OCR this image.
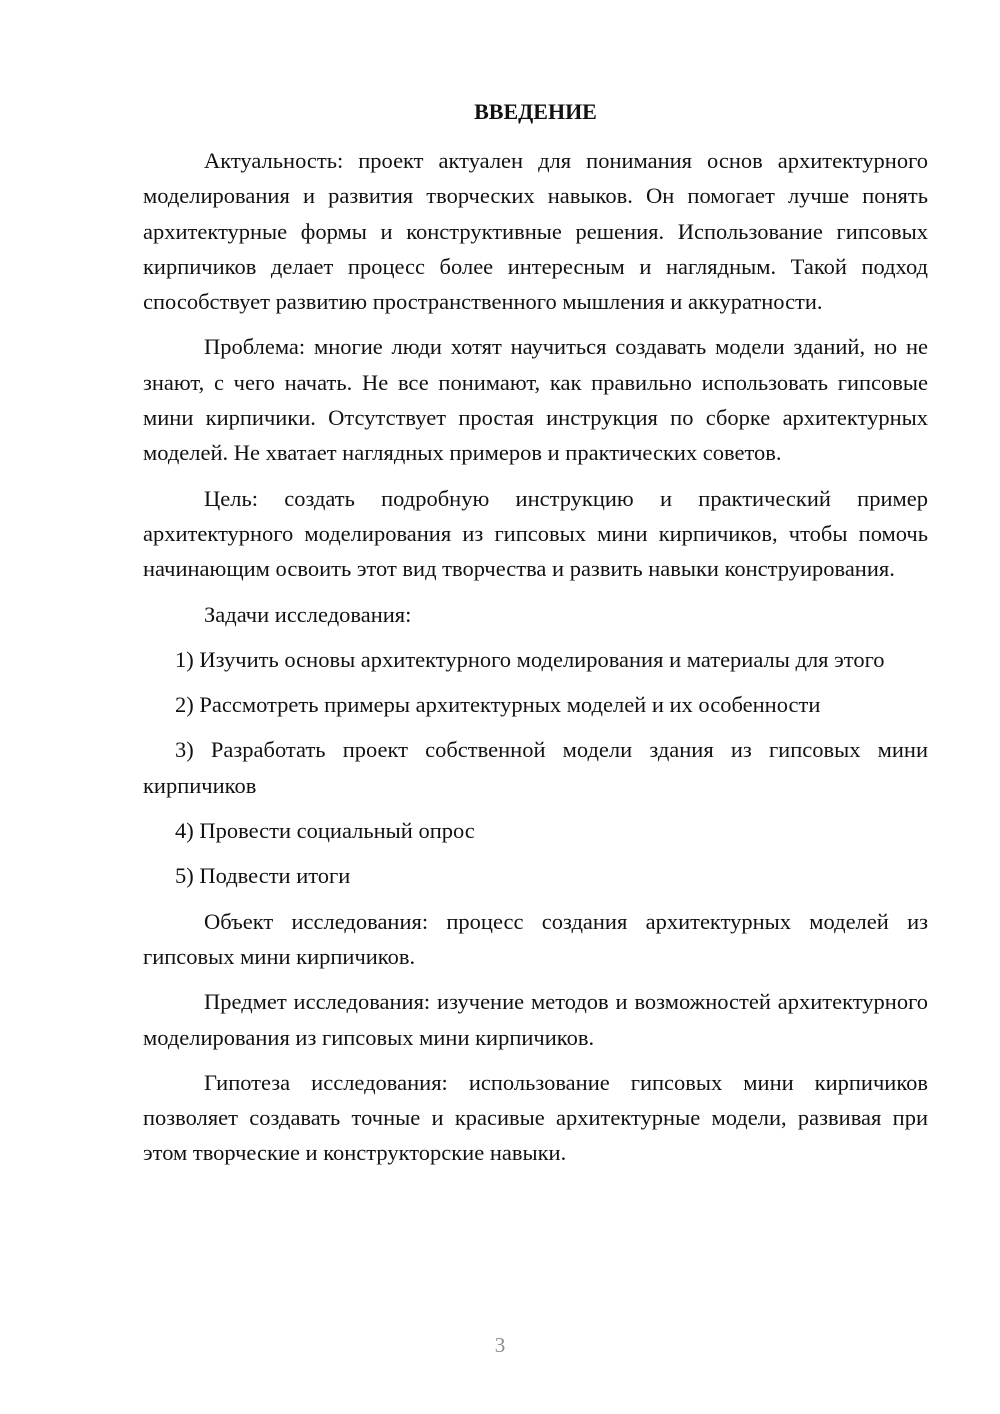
ВВЕДЕНИЕ

Актуальность: проект актуален для понимания основ архитектурного моделирования и развития творческих навыков. Он помогает лучше понять архитектурные формы и конструктивные решения. Использование гипсовых кирпичиков делает процесс более интересным и наглядным. Такой подход способствует развитию пространственного мышления и аккуратности.

Проблема: многие люди хотят научиться создавать модели зданий, но не знают, с чего начать. Не все понимают, как правильно использовать гипсовые мини кирпичики. Отсутствует простая инструкция по сборке архитектурных моделей. Не хватает наглядных примеров и практических советов.

Цель: создать подробную инструкцию и практический пример архитектурного моделирования из гипсовых мини кирпичиков, чтобы помочь начинающим освоить этот вид творчества и развить навыки конструирования.

Задачи исследования:

1) Изучить основы архитектурного моделирования и материалы для этого

2) Рассмотреть примеры архитектурных моделей и их особенности

3) Разработать проект собственной модели здания из гипсовых мини кирпичиков

4) Провести социальный опрос

5) Подвести итоги

Объект исследования: процесс создания архитектурных моделей из гипсовых мини кирпичиков.

Предмет исследования: изучение методов и возможностей архитектурного моделирования из гипсовых мини кирпичиков.

Гипотеза исследования: использование гипсовых мини кирпичиков позволяет создавать точные и красивые архитектурные модели, развивая при этом творческие и конструкторские навыки.

3
